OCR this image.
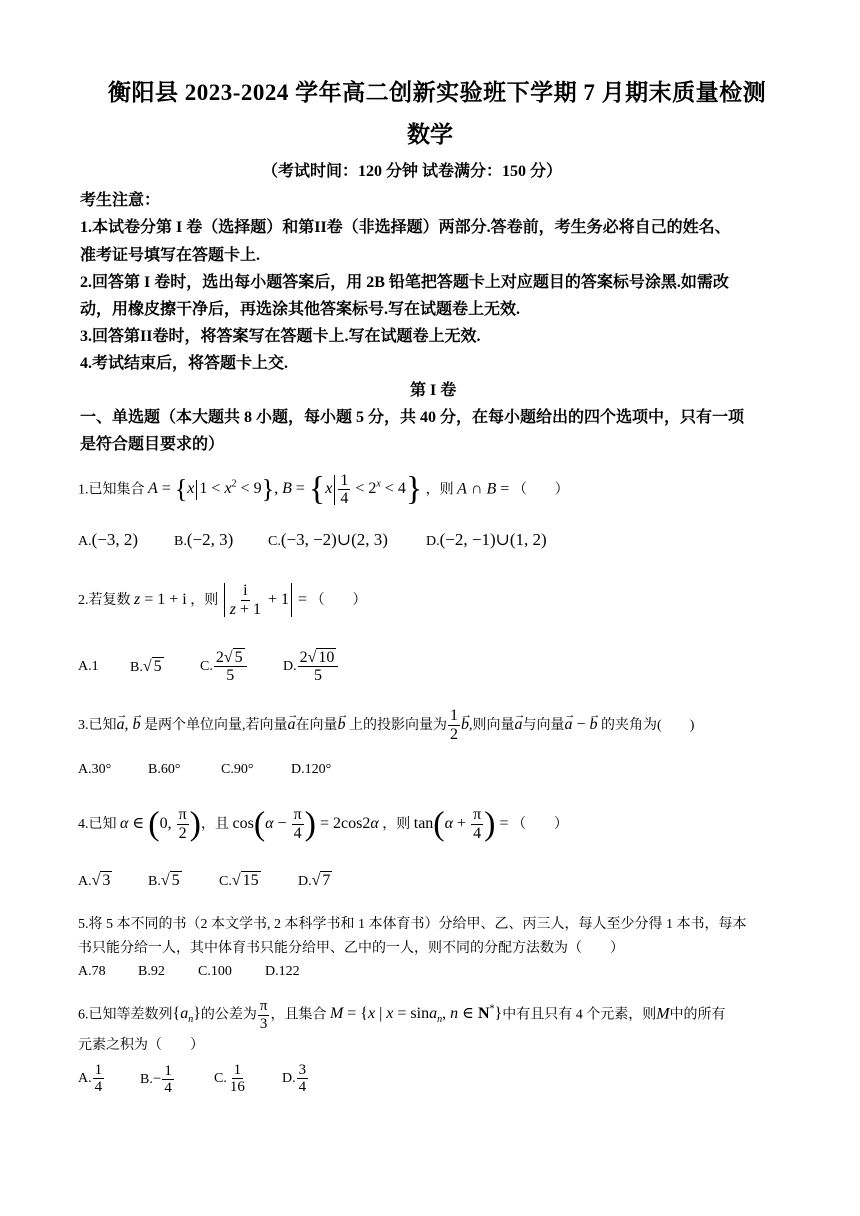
衡阳县 2023-2024 学年高二创新实验班下学期 7 月期末质量检测
数学
（考试时间：120 分钟 试卷满分：150 分）
考生注意：
1.本试卷分第 I 卷（选择题）和第II卷（非选择题）两部分.答卷前，考生务必将自己的姓名、
准考证号填写在答题卡上.
2.回答第 I 卷时，选出每小题答案后，用 2B 铅笔把答题卡上对应题目的答案标号涂黑.如需改
动，用橡皮擦干净后，再选涂其他答案标号.写在试题卷上无效.
3.回答第II卷时，将答案写在答题卡上.写在试题卷上无效.
4.考试结束后，将答题卡上交.
第 I 卷
一、单选题（本大题共 8 小题，每小题 5 分，共 40 分，在每小题给出的四个选项中，只有一项
是符合题目要求的）
1.已知集合 A = {x $1 < x^2 < 9$}, $B = \{x \frac{1}{4} < 2^x < 4\}$ ，则 A ∩ B = （　　）
A.(−3, 2)	B.(−2, 3) C.(−3, −2)∪(2, 3)	D.(−2, −1)∪(1, 2)
2.若复数 z = 1 + i ，则 $\frac{i}{z + 1} + 1$ = （　　）
A.1 B.√ 5	C. $\frac{2√ 5}{5}$	D. $\frac{2√ 10}{5}$
3.已知→ a, → b 是两个单位向量,若向量→ a在向量→ b 上的投影向量为 $\frac{1}{2}$
→ b,则向量→ a与向量→ a − → b 的夹角为(　　)
A.30°	B.60°	C.90°	D.120°
4.已知 α ∈ (0, $\frac{\pi}{2}$ )，且 $\cos(\alpha - \frac{\pi}{4}$ ) = 2cos2α ，则 $\tan(\alpha + \frac{\pi}{4}$ ) = （　　）
A.√ 3	B.√ 5	C.√ 15	D.√ 7
5.将 5 本不同的书（2 本文学书, 2 本科学书和 1 本体育书）分给甲、乙、丙三人，每人至少分得 1 本书，每本
书只能分给一人，其中体育书只能分给甲、乙中的一人，则不同的分配方法数为（　　）
A.78 B.92 C.100 D.122
6.已知等差数列$\{a_n\}$的公差为 $\frac{\pi}{3}$ ，且集合 M = {x | x = sina$_n$, n ∈ N*}中有且只有 4 个元素，则M中的所有
元素之积为（　　）
A. $\frac{1}{4}$	$B.- \frac{1}{4}$	C. $\frac{1}{16}$	D. $\frac{3}{4}$
